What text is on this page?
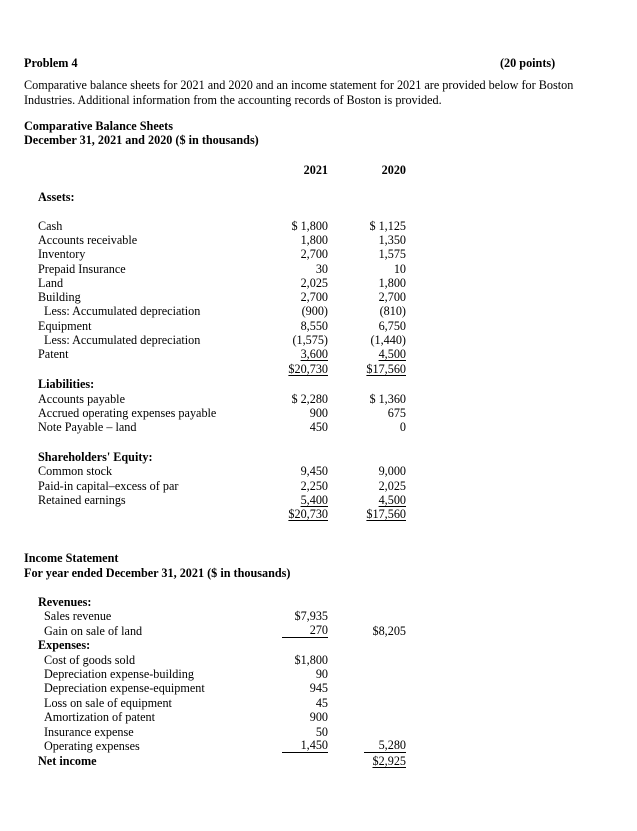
Problem 4	(20 points)
Comparative balance sheets for 2021 and 2020 and an income statement for 2021 are provided below for Boston Industries. Additional information from the accounting records of Boston is provided.
Comparative Balance Sheets
December 31, 2021 and 2020 ($ in thousands)
2021	2020
Assets:
Cash	$ 1,800	$ 1,125
Accounts receivable	1,800	1,350
Inventory	2,700	1,575
Prepaid Insurance	30	10
Land	2,025	1,800
Building	2,700	2,700
Less: Accumulated depreciation	(900)	(810)
Equipment	8,550	6,750
Less: Accumulated depreciation	(1,575)	(1,440)
Patent	3,600	4,500
$20,730	$17,560
Liabilities:
Accounts payable	$ 2,280	$ 1,360
Accrued operating expenses payable	900	675
Note Payable – land	450	0
Shareholders' Equity:
Common stock	9,450	9,000
Paid-in capital–excess of par	2,250	2,025
Retained earnings	5,400	4,500
$20,730	$17,560
Income Statement
For year ended December 31, 2021 ($ in thousands)
Revenues:
Sales revenue	$7,935
Gain on sale of land	270	$8,205
Expenses:
Cost of goods sold	$1,800
Depreciation expense-building	90
Depreciation expense-equipment	945
Loss on sale of equipment	45
Amortization of patent	900
Insurance expense	50
Operating expenses	1,450	5,280
Net income	$2,925
